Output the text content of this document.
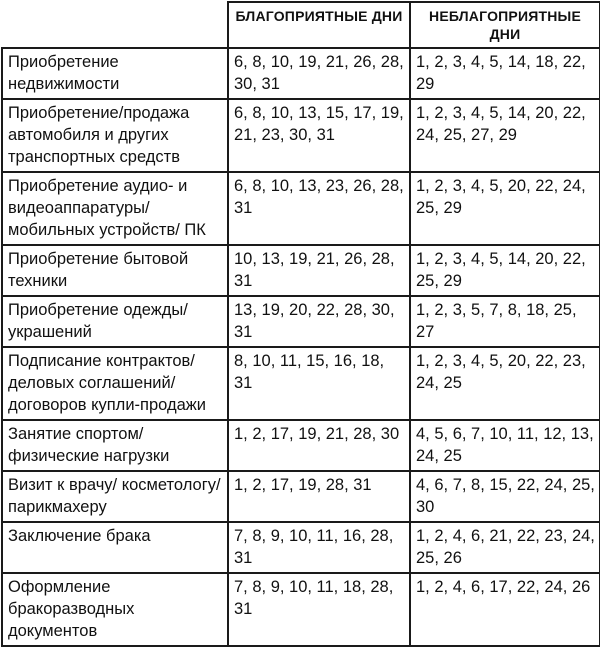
	БЛАГОПРИЯТНЫЕ ДНИ	НЕБЛАГОПРИЯТНЫЕ ДНИ
Приобретение недвижимости	6, 8, 10, 19, 21, 26, 28, 30, 31	1, 2, 3, 4, 5, 14, 18, 22, 29
Приобретение/продажа автомобиля и других транспортных средств	6, 8, 10, 13, 15, 17, 19, 21, 23, 30, 31	1, 2, 3, 4, 5, 14, 20, 22, 24, 25, 27, 29
Приобретение аудио- и видеоаппаратуры/ мобильных устройств/ ПК	6, 8, 10, 13, 23, 26, 28, 31	1, 2, 3, 4, 5, 20, 22, 24, 25, 29
Приобретение бытовой техники	10, 13, 19, 21, 26, 28, 31	1, 2, 3, 4, 5, 14, 20, 22, 25, 29
Приобретение одежды/ украшений	13, 19, 20, 22, 28, 30, 31	1, 2, 3, 5, 7, 8, 18, 25, 27
Подписание контрактов/ деловых соглашений/ договоров купли-продажи	8, 10, 11, 15, 16, 18, 31	1, 2, 3, 4, 5, 20, 22, 23, 24, 25
Занятие спортом/ физические нагрузки	1, 2, 17, 19, 21, 28, 30	4, 5, 6, 7, 10, 11, 12, 13, 24, 25
Визит к врачу/ косметологу/ парикмахеру	1, 2, 17, 19, 28, 31	4, 6, 7, 8, 15, 22, 24, 25, 30
Заключение брака	7, 8, 9, 10, 11, 16, 28, 31	1, 2, 4, 6, 21, 22, 23, 24, 25, 26
Оформление бракоразводных документов	7, 8, 9, 10, 11, 18, 28, 31	1, 2, 4, 6, 17, 22, 24, 26
